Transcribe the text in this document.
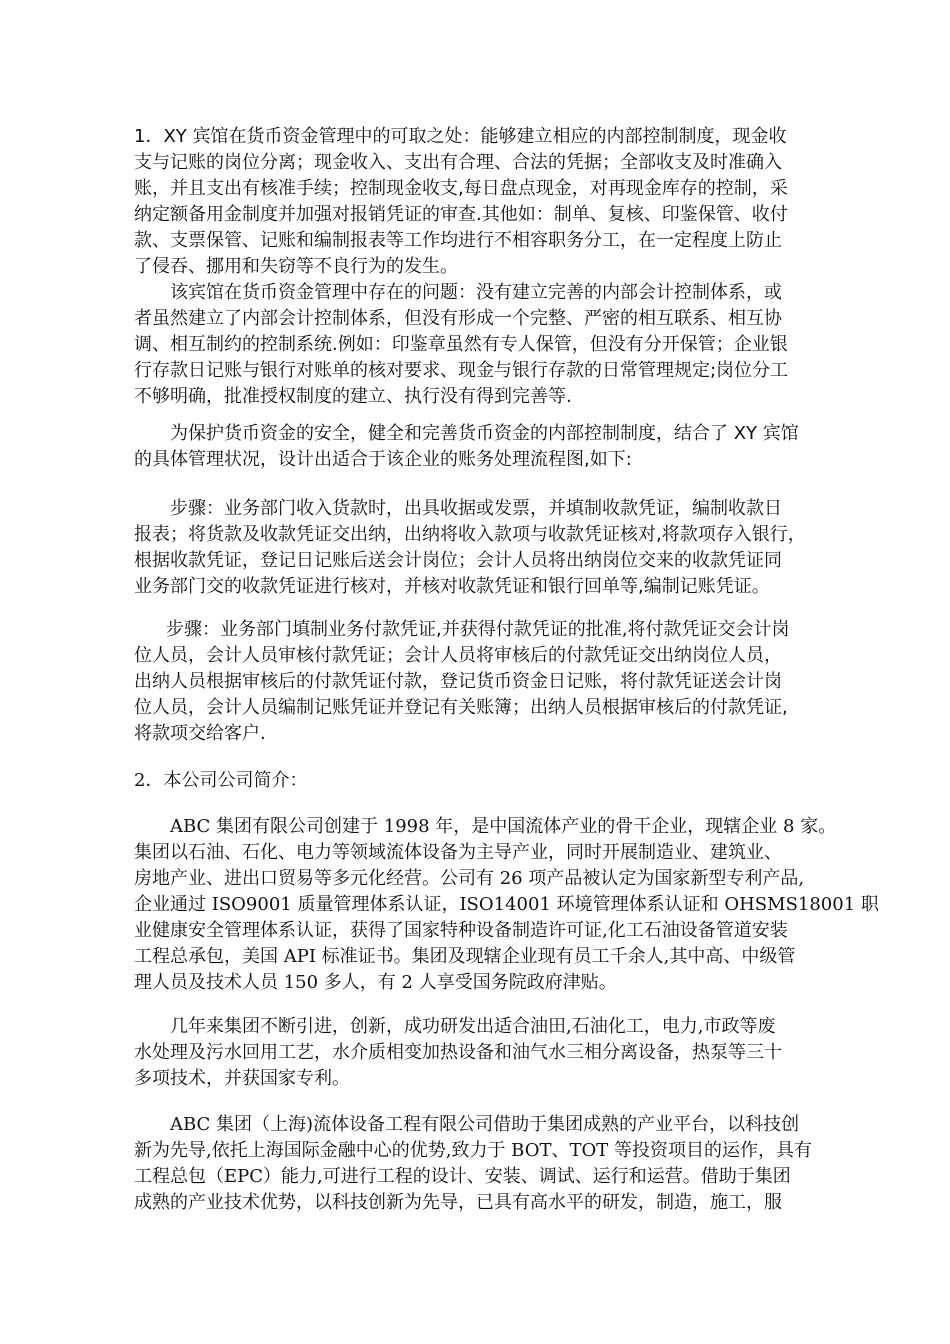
1．XY 宾馆在货币资金管理中的可取之处：能够建立相应的内部控制制度，现金收
支与记账的岗位分离；现金收入、支出有合理、合法的凭据；全部收支及时准确入
账，并且支出有核准手续；控制现金收支,每日盘点现金，对再现金库存的控制，采
纳定额备用金制度并加强对报销凭证的审查.其他如：制单、复核、印鉴保管、收付
款、支票保管、记账和编制报表等工作均进行不相容职务分工，在一定程度上防止
了侵吞、挪用和失窃等不良行为的发生。
该宾馆在货币资金管理中存在的问题：没有建立完善的内部会计控制体系，或
者虽然建立了内部会计控制体系，但没有形成一个完整、严密的相互联系、相互协
调、相互制约的控制系统.例如：印鉴章虽然有专人保管，但没有分开保管；企业银
行存款日记账与银行对账单的核对要求、现金与银行存款的日常管理规定;岗位分工
不够明确，批准授权制度的建立、执行没有得到完善等.
为保护货币资金的安全，健全和完善货币资金的内部控制制度，结合了 XY 宾馆
的具体管理状况，设计出适合于该企业的账务处理流程图,如下:
步骤：业务部门收入货款时，出具收据或发票，并填制收款凭证，编制收款日
报表；将货款及收款凭证交出纳，出纳将收入款项与收款凭证核对,将款项存入银行，
根据收款凭证，登记日记账后送会计岗位；会计人员将出纳岗位交来的收款凭证同
业务部门交的收款凭证进行核对，并核对收款凭证和银行回单等,编制记账凭证。
步骤：业务部门填制业务付款凭证,并获得付款凭证的批准,将付款凭证交会计岗
位人员，会计人员审核付款凭证；会计人员将审核后的付款凭证交出纳岗位人员，
出纳人员根据审核后的付款凭证付款，登记货币资金日记账，将付款凭证送会计岗
位人员，会计人员编制记账凭证并登记有关账簿；出纳人员根据审核后的付款凭证,
将款项交给客户.
2．本公司公司简介：
ABC 集团有限公司创建于 1998 年，是中国流体产业的骨干企业，现辖企业 8 家。
集团以石油、石化、电力等领域流体设备为主导产业，同时开展制造业、建筑业、
房地产业、进出口贸易等多元化经营。公司有 26 项产品被认定为国家新型专利产品,
企业通过 ISO9001 质量管理体系认证，ISO14001 环境管理体系认证和 OHSMS18001 职
业健康安全管理体系认证，获得了国家特种设备制造许可证,化工石油设备管道安装
工程总承包，美国 API 标准证书。集团及现辖企业现有员工千余人,其中高、中级管
理人员及技术人员 150 多人，有 2 人享受国务院政府津贴。
几年来集团不断引进，创新，成功研发出适合油田,石油化工，电力,市政等废
水处理及污水回用工艺，水介质相变加热设备和油气水三相分离设备，热泵等三十
多项技术，并获国家专利。
ABC 集团（上海)流体设备工程有限公司借助于集团成熟的产业平台，以科技创
新为先导,依托上海国际金融中心的优势,致力于 BOT、TOT 等投资项目的运作，具有
工程总包（EPC）能力,可进行工程的设计、安装、调试、运行和运营。借助于集团
成熟的产业技术优势，以科技创新为先导，已具有高水平的研发，制造，施工，服
